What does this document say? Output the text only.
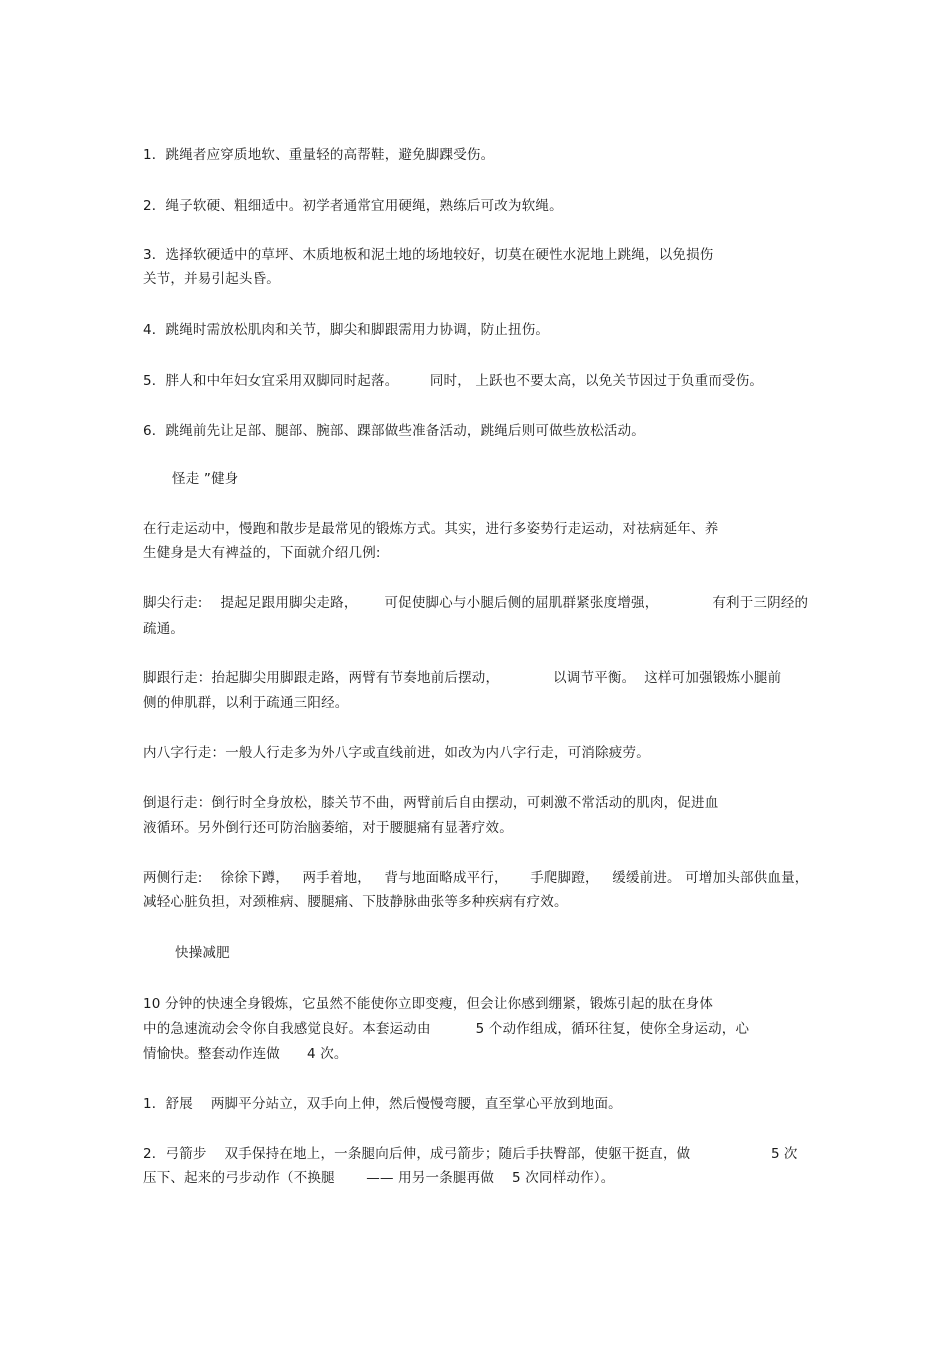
1．跳绳者应穿质地软、重量轻的高帮鞋，避免脚踝受伤。
2．绳子软硬、粗细适中。初学者通常宜用硬绳，熟练后可改为软绳。
3．选择软硬适中的草坪、木质地板和泥土地的场地较好，切莫在硬性水泥地上跳绳，以免损伤
关节，并易引起头昏。
4．跳绳时需放松肌肉和关节，脚尖和脚跟需用力协调，防止扭伤。
5．胖人和中年妇女宜采用双脚同时起落。       同时， 上跃也不要太高，以免关节因过于负重而受伤。
6．跳绳前先让足部、腿部、腕部、踝部做些准备活动，跳绳后则可做些放松活动。
怪走 ”健身
在行走运动中，慢跑和散步是最常见的锻炼方式。其实，进行多姿势行走运动，对祛病延年、养
生健身是大有裨益的，下面就介绍几例:
脚尖行走:    提起足跟用脚尖走路，      可促使脚心与小腿后侧的屈肌群紧张度增强，            有利于三阴经的
疏通。
脚跟行走：抬起脚尖用脚跟走路，两臂有节奏地前后摆动，            以调节平衡。  这样可加强锻炼小腿前
侧的伸肌群，以利于疏通三阳经。
内八字行走：一般人行走多为外八字或直线前进，如改为内八字行走，可消除疲劳。
倒退行走：倒行时全身放松，膝关节不曲，两臂前后自由摆动，可刺激不常活动的肌肉，促进血
液循环。另外倒行还可防治脑萎缩，对于腰腿痛有显著疗效。
两侧行走:    徐徐下蹲，   两手着地，   背与地面略成平行，     手爬脚蹬，   缓缓前进。 可增加头部供血量，
减轻心脏负担，对颈椎病、腰腿痛、下肢静脉曲张等多种疾病有疗效。
快操减肥
10 分钟的快速全身锻炼，它虽然不能使你立即变瘦，但会让你感到绷紧，锻炼引起的肽在身体
中的急速流动会令你自我感觉良好。本套运动由          5 个动作组成，循环往复，使你全身运动，心
情愉快。整套动作连做      4 次。
1．舒展    两脚平分站立，双手向上伸，然后慢慢弯腰，直至掌心平放到地面。
2．弓箭步    双手保持在地上，一条腿向后伸，成弓箭步；随后手扶臀部，使躯干挺直，做	5 次
压下、起来的弓步动作（不换腿       —— 用另一条腿再做    5 次同样动作）。
